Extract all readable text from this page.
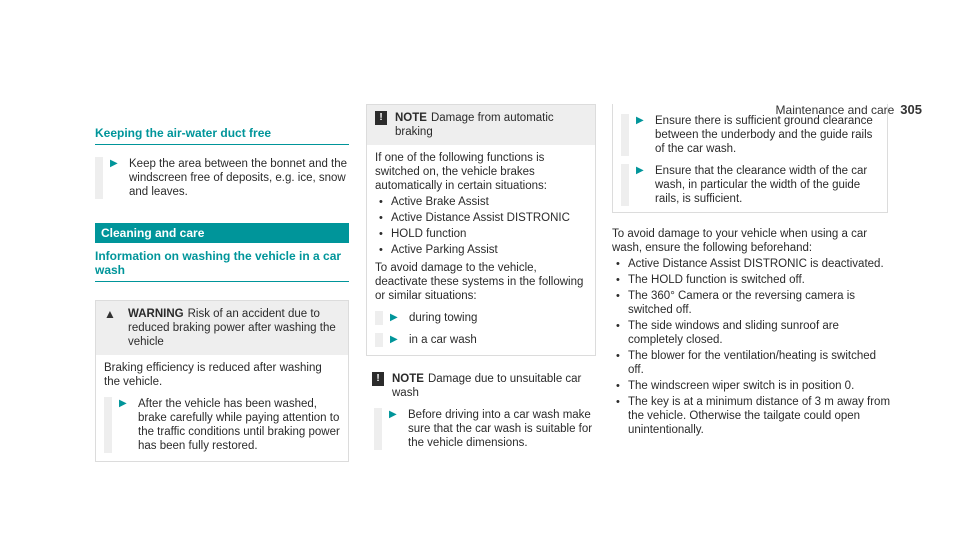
Maintenance and care 305
Keeping the air-water duct free
▶ Keep the area between the bonnet and the windscreen free of deposits, e.g. ice, snow and leaves.
Cleaning and care
Information on washing the vehicle in a car wash
▲	WARNING Risk of an accident due to reduced braking power after washing the vehicle
Braking efficiency is reduced after washing the vehicle.
▶ After the vehicle has been washed, brake carefully while paying attention to the traffic conditions until braking power has been fully restored.
!	NOTE Damage from automatic braking
If one of the following functions is switched on, the vehicle brakes automatically in certain situations:
• Active Brake Assist
• Active Distance Assist DISTRONIC
• HOLD function
• Active Parking Assist
To avoid damage to the vehicle, deactivate these systems in the following or similar situations:
▶ during towing
▶ in a car wash
!	NOTE Damage due to unsuitable car wash
▶ Before driving into a car wash make sure that the car wash is suitable for the vehicle dimensions.
▶ Ensure there is sufficient ground clearance between the underbody and the guide rails of the car wash.
▶ Ensure that the clearance width of the car wash, in particular the width of the guide rails, is sufficient.
To avoid damage to your vehicle when using a car wash, ensure the following beforehand:
• Active Distance Assist DISTRONIC is deactivated.
• The HOLD function is switched off.
• The 360° Camera or the reversing camera is switched off.
• The side windows and sliding sunroof are completely closed.
• The blower for the ventilation/heating is switched off.
• The windscreen wiper switch is in position 0.
• The key is at a minimum distance of 3 m away from the vehicle. Otherwise the tailgate could open unintentionally.
